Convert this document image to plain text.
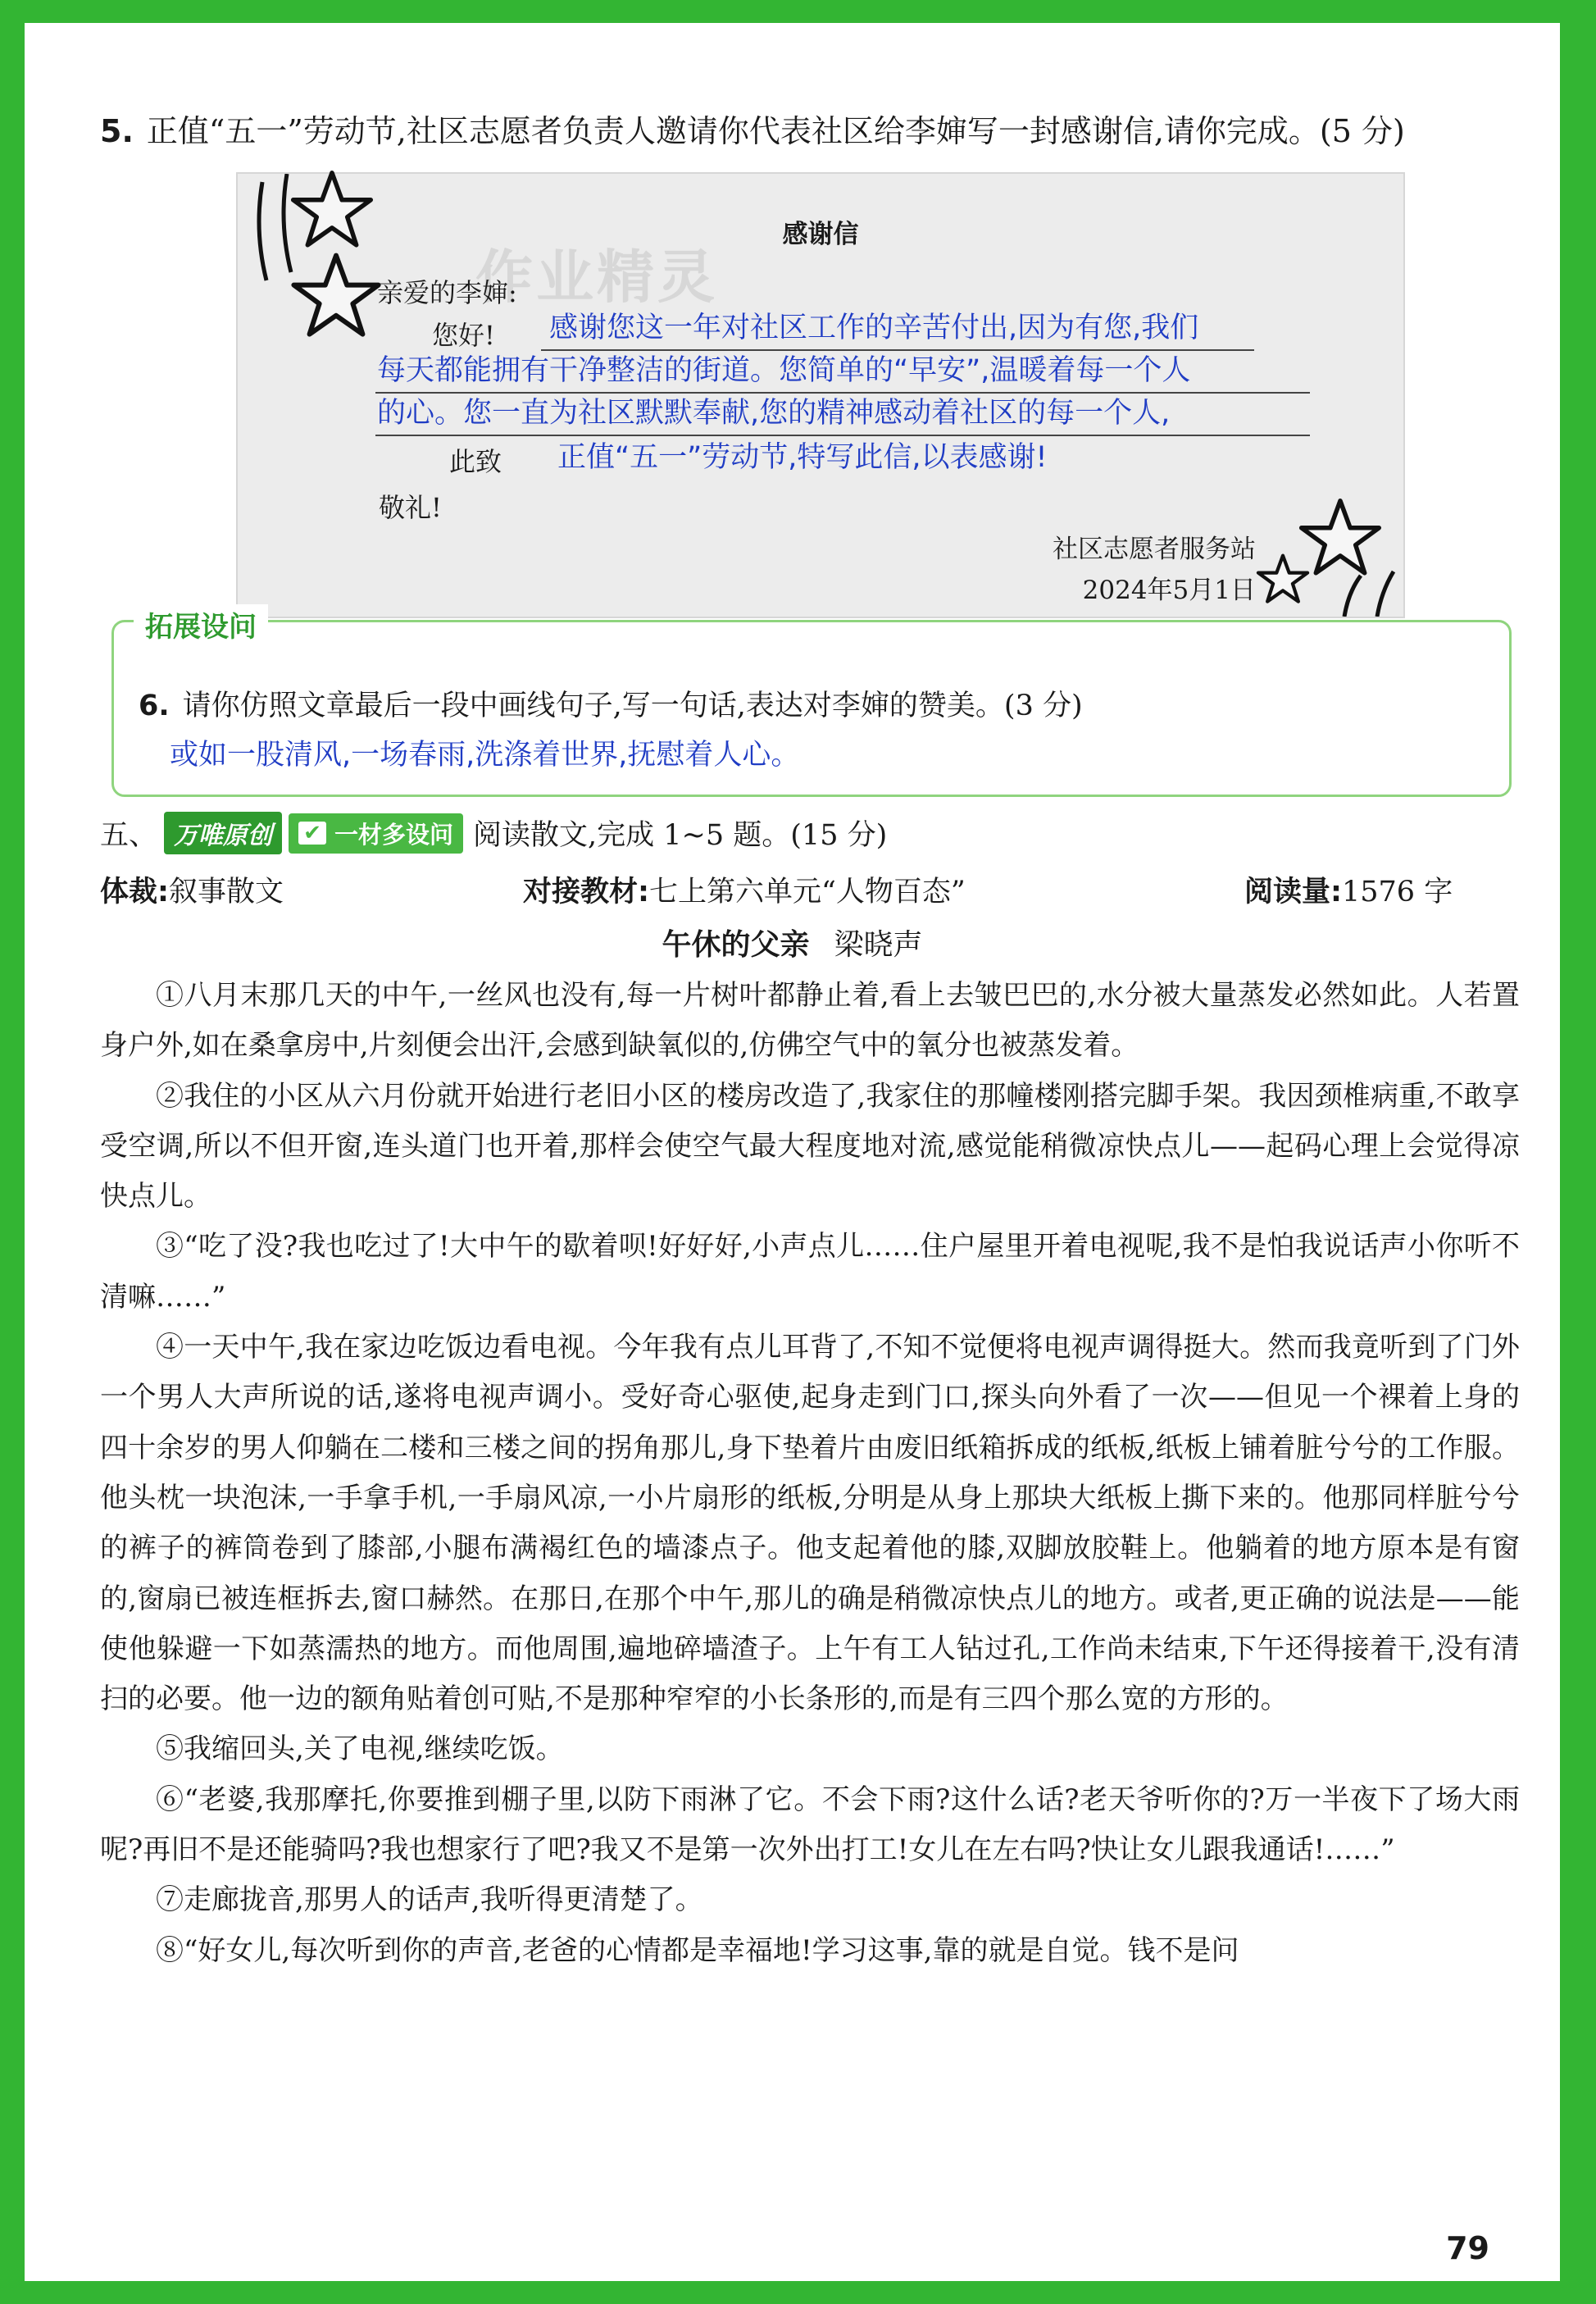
5. 正值“五一”劳动节,社区志愿者负责人邀请你代表社区给李婶写一封感谢信,请你完成。(5 分)
作业精灵
感谢信
亲爱的李婶:
您好! 感谢您这一年对社区工作的辛苦付出,因为有您,我们
每天都能拥有干净整洁的街道。您简单的“早安”,温暖着每一个人
的心。您一直为社区默默奉献,您的精神感动着社区的每一个人,
此致 正值“五一”劳动节,特写此信,以表感谢!
敬礼!
社区志愿者服务站
2024年5月1日
拓展设问
6. 请你仿照文章最后一段中画线句子,写一句话,表达对李婶的赞美。(3 分)
或如一股清风,一场春雨,洗涤着世界,抚慰着人心。
五、 万唯原创	✔ 一材多设问 阅读散文,完成 1~5 题。(15 分)
体裁:叙事散文	对接教材:七上第六单元“人物百态”	阅读量:1576 字
午休的父亲 梁晓声

①八月末那几天的中午,一丝风也没有,每一片树叶都静止着,看上去皱巴巴的,水分被大量蒸发必然如此。人若置身户外,如在桑拿房中,片刻便会出汗,会感到缺氧似的,仿佛空气中的氧分也被蒸发着。

②我住的小区从六月份就开始进行老旧小区的楼房改造了,我家住的那幢楼刚搭完脚手架。我因颈椎病重,不敢享受空调,所以不但开窗,连头道门也开着,那样会使空气最大程度地对流,感觉能稍微凉快点儿——起码心理上会觉得凉快点儿。

③“吃了没?我也吃过了!大中午的歇着呗!好好好,小声点儿……住户屋里开着电视呢,我不是怕我说话声小你听不清嘛……”

④一天中午,我在家边吃饭边看电视。今年我有点儿耳背了,不知不觉便将电视声调得挺大。然而我竟听到了门外一个男人大声所说的话,遂将电视声调小。受好奇心驱使,起身走到门口,探头向外看了一次——但见一个裸着上身的四十余岁的男人仰躺在二楼和三楼之间的拐角那儿,身下垫着片由废旧纸箱拆成的纸板,纸板上铺着脏兮兮的工作服。他头枕一块泡沫,一手拿手机,一手扇风凉,一小片扇形的纸板,分明是从身上那块大纸板上撕下来的。他那同样脏兮兮的裤子的裤筒卷到了膝部,小腿布满褐红色的墙漆点子。他支起着他的膝,双脚放胶鞋上。他躺着的地方原本是有窗的,窗扇已被连框拆去,窗口赫然。在那日,在那个中午,那儿的确是稍微凉快点儿的地方。或者,更正确的说法是——能使他躲避一下如蒸濡热的地方。而他周围,遍地碎墙渣子。上午有工人钻过孔,工作尚未结束,下午还得接着干,没有清扫的必要。他一边的额角贴着创可贴,不是那种窄窄的小长条形的,而是有三四个那么宽的方形的。

⑤我缩回头,关了电视,继续吃饭。

⑥“老婆,我那摩托,你要推到棚子里,以防下雨淋了它。不会下雨?这什么话?老天爷听你的?万一半夜下了场大雨呢?再旧不是还能骑吗?我也想家行了吧?我又不是第一次外出打工!女儿在左右吗?快让女儿跟我通话!……”

⑦走廊拢音,那男人的话声,我听得更清楚了。

⑧“好女儿,每次听到你的声音,老爸的心情都是幸福地!学习这事,靠的就是自觉。钱不是问

79
